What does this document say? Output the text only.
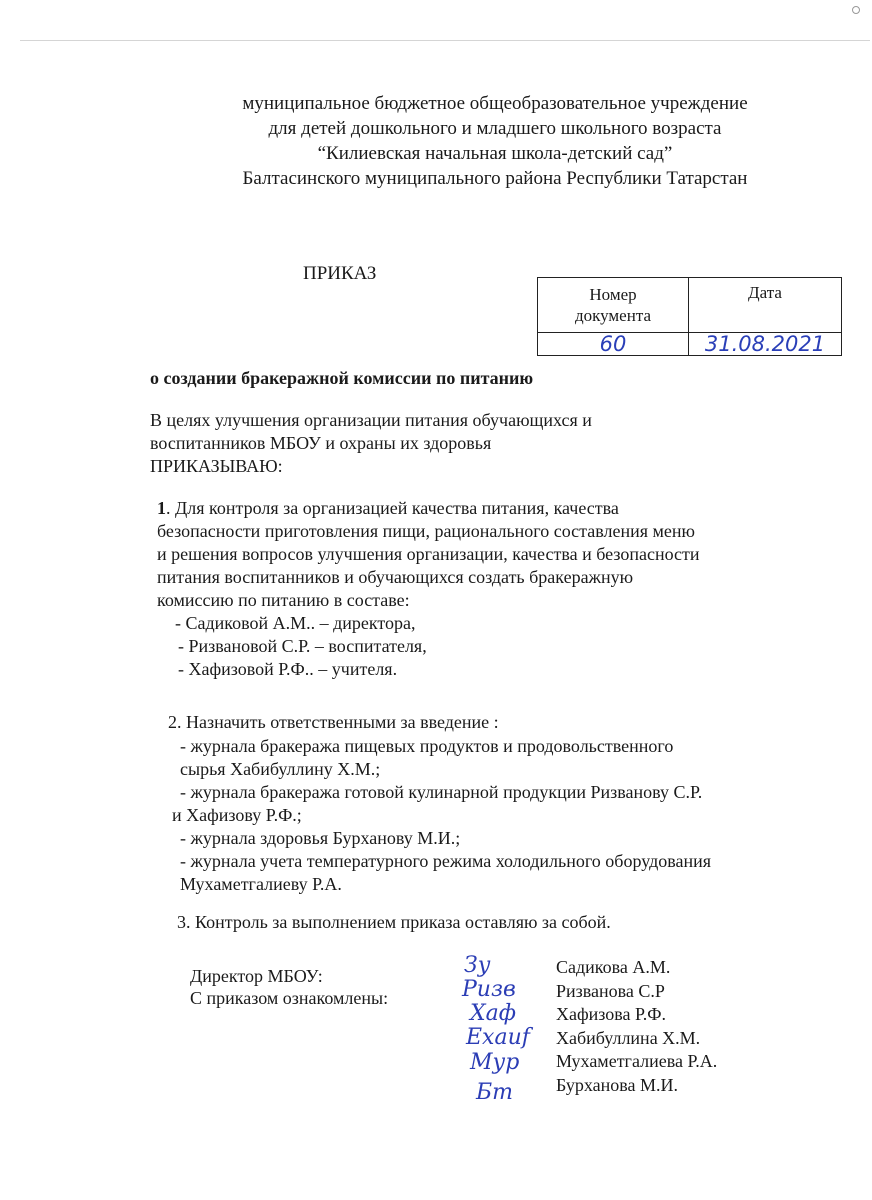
муниципальное бюджетное общеобразовательное учреждение
для детей дошкольного и младшего школьного возраста
“Килиевская начальная школа-детский сад”
Балтасинского муниципального района Республики Татарстан
ПРИКАЗ
Номер
документа	Дата
60	31.08.2021
о создании бракеражной комиссии по питанию
В целях улучшения организации питания обучающихся и
воспитанников МБОУ и охраны их здоровья
ПРИКАЗЫВАЮ:
1. Для контроля за организацией качества питания, качества
безопасности приготовления пищи, рационального составления меню
и решения вопросов улучшения организации, качества и безопасности
питания воспитанников и обучающихся создать бракеражную
комиссию по питанию в составе:
- Садиковой А.М.. – директора,
- Ризвановой С.Р. – воспитателя,
- Хафизовой Р.Ф.. – учителя.
2. Назначить ответственными за введение :
- журнала бракеража пищевых продуктов и продовольственного
сырья Хабибуллину Х.М.;
- журнала бракеража готовой кулинарной продукции Ризванову С.Р.
и Хафизову Р.Ф.;
- журнала здоровья Бурханову М.И.;
- журнала учета температурного режима холодильного оборудования
Мухаметгалиеву Р.А.
3. Контроль за выполнением приказа оставляю за собой.
Директор МБОУ:
С приказом ознакомлены:
Зу
Ризв
Хаф
Ехаиf
Мур
Бт
Садикова А.М.
Ризванова С.Р
Хафизова Р.Ф.
Хабибуллина Х.М.
Мухаметгалиева Р.А.
Бурханова М.И.
